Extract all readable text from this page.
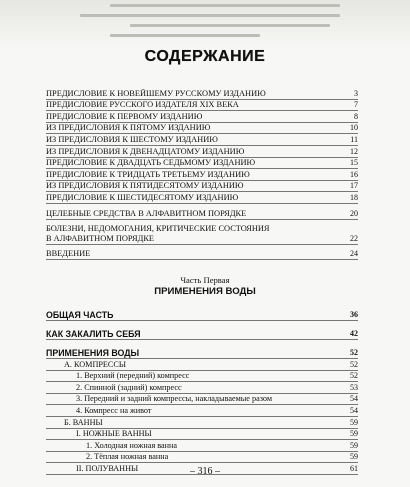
СОДЕРЖАНИЕ
ПРЕДИСЛОВИЕ К НОВЕЙШЕМУ РУССКОМУ ИЗДАНИЮ	3
ПРЕДИСЛОВИЕ РУССКОГО ИЗДАТЕЛЯ XIX ВЕКА	7
ПРЕДИСЛОВИЕ К ПЕРВОМУ ИЗДАНИЮ	8
ИЗ ПРЕДИСЛОВИЯ К ПЯТОМУ ИЗДАНИЮ	10
ИЗ ПРЕДИСЛОВИЯ К ШЕСТОМУ ИЗДАНИЮ	11
ИЗ ПРЕДИСЛОВИЯ К ДВЕНАДЦАТОМУ ИЗДАНИЮ	12
ПРЕДИСЛОВИЕ К ДВАДЦАТЬ СЕДЬМОМУ ИЗДАНИЮ	15
ПРЕДИСЛОВИЕ К ТРИДЦАТЬ ТРЕТЬЕМУ ИЗДАНИЮ	16
ИЗ ПРЕДИСЛОВИЯ К ПЯТИДЕСЯТОМУ ИЗДАНИЮ	17
ПРЕДИСЛОВИЕ К ШЕСТИДЕСЯТОМУ ИЗДАНИЮ	18
ЦЕЛЕБНЫЕ СРЕДСТВА В АЛФАВИТНОМ ПОРЯДКЕ	20
БОЛЕЗНИ, НЕДОМОГАНИЯ, КРИТИЧЕСКИЕ СОСТОЯНИЯ
В АЛФАВИТНОМ ПОРЯДКЕ	22
ВВЕДЕНИЕ	24
Часть Первая
ПРИМЕНЕНИЯ ВОДЫ
ОБЩАЯ ЧАСТЬ	36
КАК ЗАКАЛИТЬ СЕБЯ	42
ПРИМЕНЕНИЯ ВОДЫ	52
А. КОМПРЕССЫ	52
1. Верхний (передний) компресс	52
2. Спинной (задний) компресс	53
3. Передний и задний компрессы, накладываемые разом	54
4. Компресс на живот	54
Б. ВАННЫ	59
I. НОЖНЫЕ ВАННЫ	59
1. Холодная ножная ванна	59
2. Тёплая ножная ванна	59
II. ПОЛУВАННЫ	61
– 316 –
